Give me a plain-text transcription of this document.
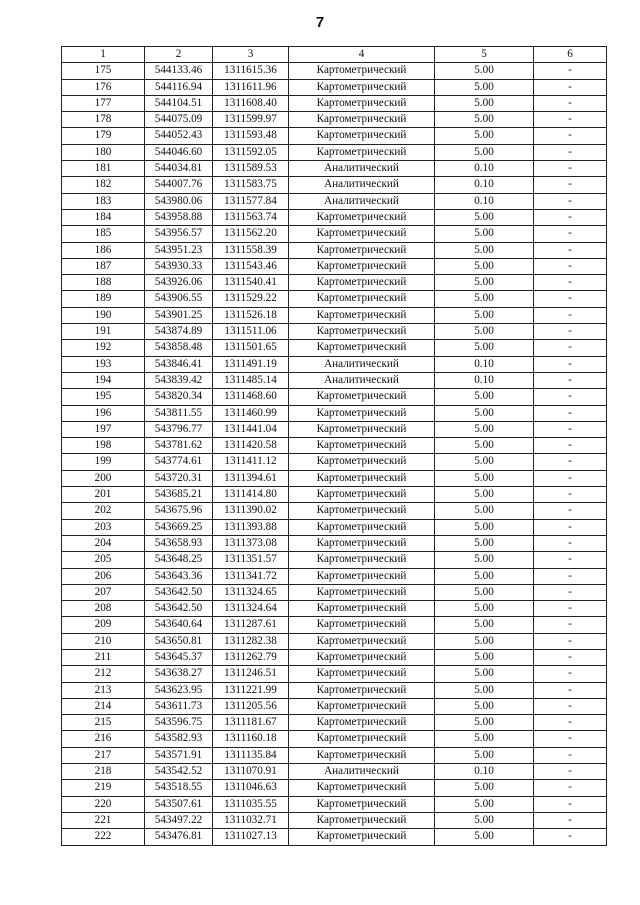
7
1	2	3	4	5	6
175	544133.46	1311615.36	Картометрический	5.00	-
176	544116.94	1311611.96	Картометрический	5.00	-
177	544104.51	1311608.40	Картометрический	5.00	-
178	544075.09	1311599.97	Картометрический	5.00	-
179	544052.43	1311593.48	Картометрический	5.00	-
180	544046.60	1311592.05	Картометрический	5.00	-
181	544034.81	1311589.53	Аналитический	0.10	-
182	544007.76	1311583.75	Аналитический	0.10	-
183	543980.06	1311577.84	Аналитический	0.10	-
184	543958.88	1311563.74	Картометрический	5.00	-
185	543956.57	1311562.20	Картометрический	5.00	-
186	543951.23	1311558.39	Картометрический	5.00	-
187	543930.33	1311543.46	Картометрический	5.00	-
188	543926.06	1311540.41	Картометрический	5.00	-
189	543906.55	1311529.22	Картометрический	5.00	-
190	543901.25	1311526.18	Картометрический	5.00	-
191	543874.89	1311511.06	Картометрический	5.00	-
192	543858.48	1311501.65	Картометрический	5.00	-
193	543846.41	1311491.19	Аналитический	0.10	-
194	543839.42	1311485.14	Аналитический	0.10	-
195	543820.34	1311468.60	Картометрический	5.00	-
196	543811.55	1311460.99	Картометрический	5.00	-
197	543796.77	1311441.04	Картометрический	5.00	-
198	543781.62	1311420.58	Картометрический	5.00	-
199	543774.61	1311411.12	Картометрический	5.00	-
200	543720.31	1311394.61	Картометрический	5.00	-
201	543685.21	1311414.80	Картометрический	5.00	-
202	543675.96	1311390.02	Картометрический	5.00	-
203	543669.25	1311393.88	Картометрический	5.00	-
204	543658.93	1311373.08	Картометрический	5.00	-
205	543648.25	1311351.57	Картометрический	5.00	-
206	543643.36	1311341.72	Картометрический	5.00	-
207	543642.50	1311324.65	Картометрический	5.00	-
208	543642.50	1311324.64	Картометрический	5.00	-
209	543640.64	1311287.61	Картометрический	5.00	-
210	543650.81	1311282.38	Картометрический	5.00	-
211	543645.37	1311262.79	Картометрический	5.00	-
212	543638.27	1311246.51	Картометрический	5.00	-
213	543623.95	1311221.99	Картометрический	5.00	-
214	543611.73	1311205.56	Картометрический	5.00	-
215	543596.75	1311181.67	Картометрический	5.00	-
216	543582.93	1311160.18	Картометрический	5.00	-
217	543571.91	1311135.84	Картометрический	5.00	-
218	543542.52	1311070.91	Аналитический	0.10	-
219	543518.55	1311046.63	Картометрический	5.00	-
220	543507.61	1311035.55	Картометрический	5.00	-
221	543497.22	1311032.71	Картометрический	5.00	-
222	543476.81	1311027.13	Картометрический	5.00	-
